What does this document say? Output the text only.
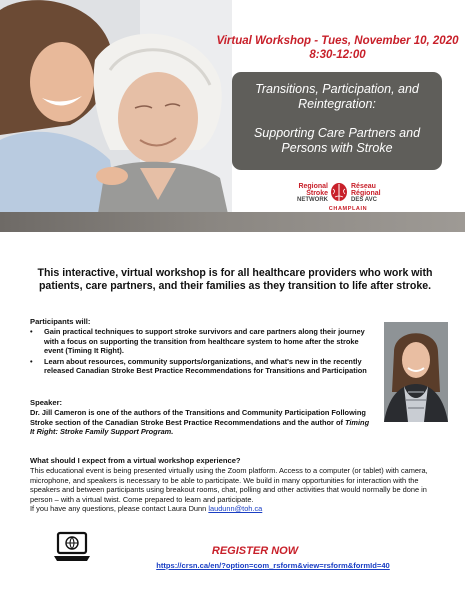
Virtual Workshop - Tues, November 10, 2020
8:30-12:00
Transitions, Participation, and
Reintegration:
Supporting Care Partners and
Persons with Stroke
Regional
Stroke
NETWORK
Réseau
Régional
DES AVC
CHAMPLAIN

This interactive, virtual workshop is for all healthcare providers who work with patients, care partners, and their families as they transition to life after stroke.

Participants will:
• Gain practical techniques to support stroke survivors and care partners along their journey with a focus on supporting the transition from healthcare system to home after the stroke event (Timing It Right).
• Learn about resources, community supports/organizations, and what's new in the recently released Canadian Stroke Best Practice Recommendations for Transitions and Participation
Speaker:

Dr. Jill Cameron is one of the authors of the Transitions and Community Participation Following Stroke section of the Canadian Stroke Best Practice Recommendations and the author of Timing It Right: Stroke Family Support Program.

What should I expect from a virtual workshop experience?

This educational event is being presented virtually using the Zoom platform. Access to a computer (or tablet) with camera, microphone, and speakers is necessary to be able to participate. We build in many opportunities for interaction with the speakers and between participants using breakout rooms, chat, polling and other activities that would normally be done in person – with a virtual twist. Come prepared to learn and participate.
If you have any questions, please contact Laura Dunn laudunn@toh.ca

REGISTER NOW
https://crsn.ca/en/?option=com_rsform&view=rsform&formId=40
